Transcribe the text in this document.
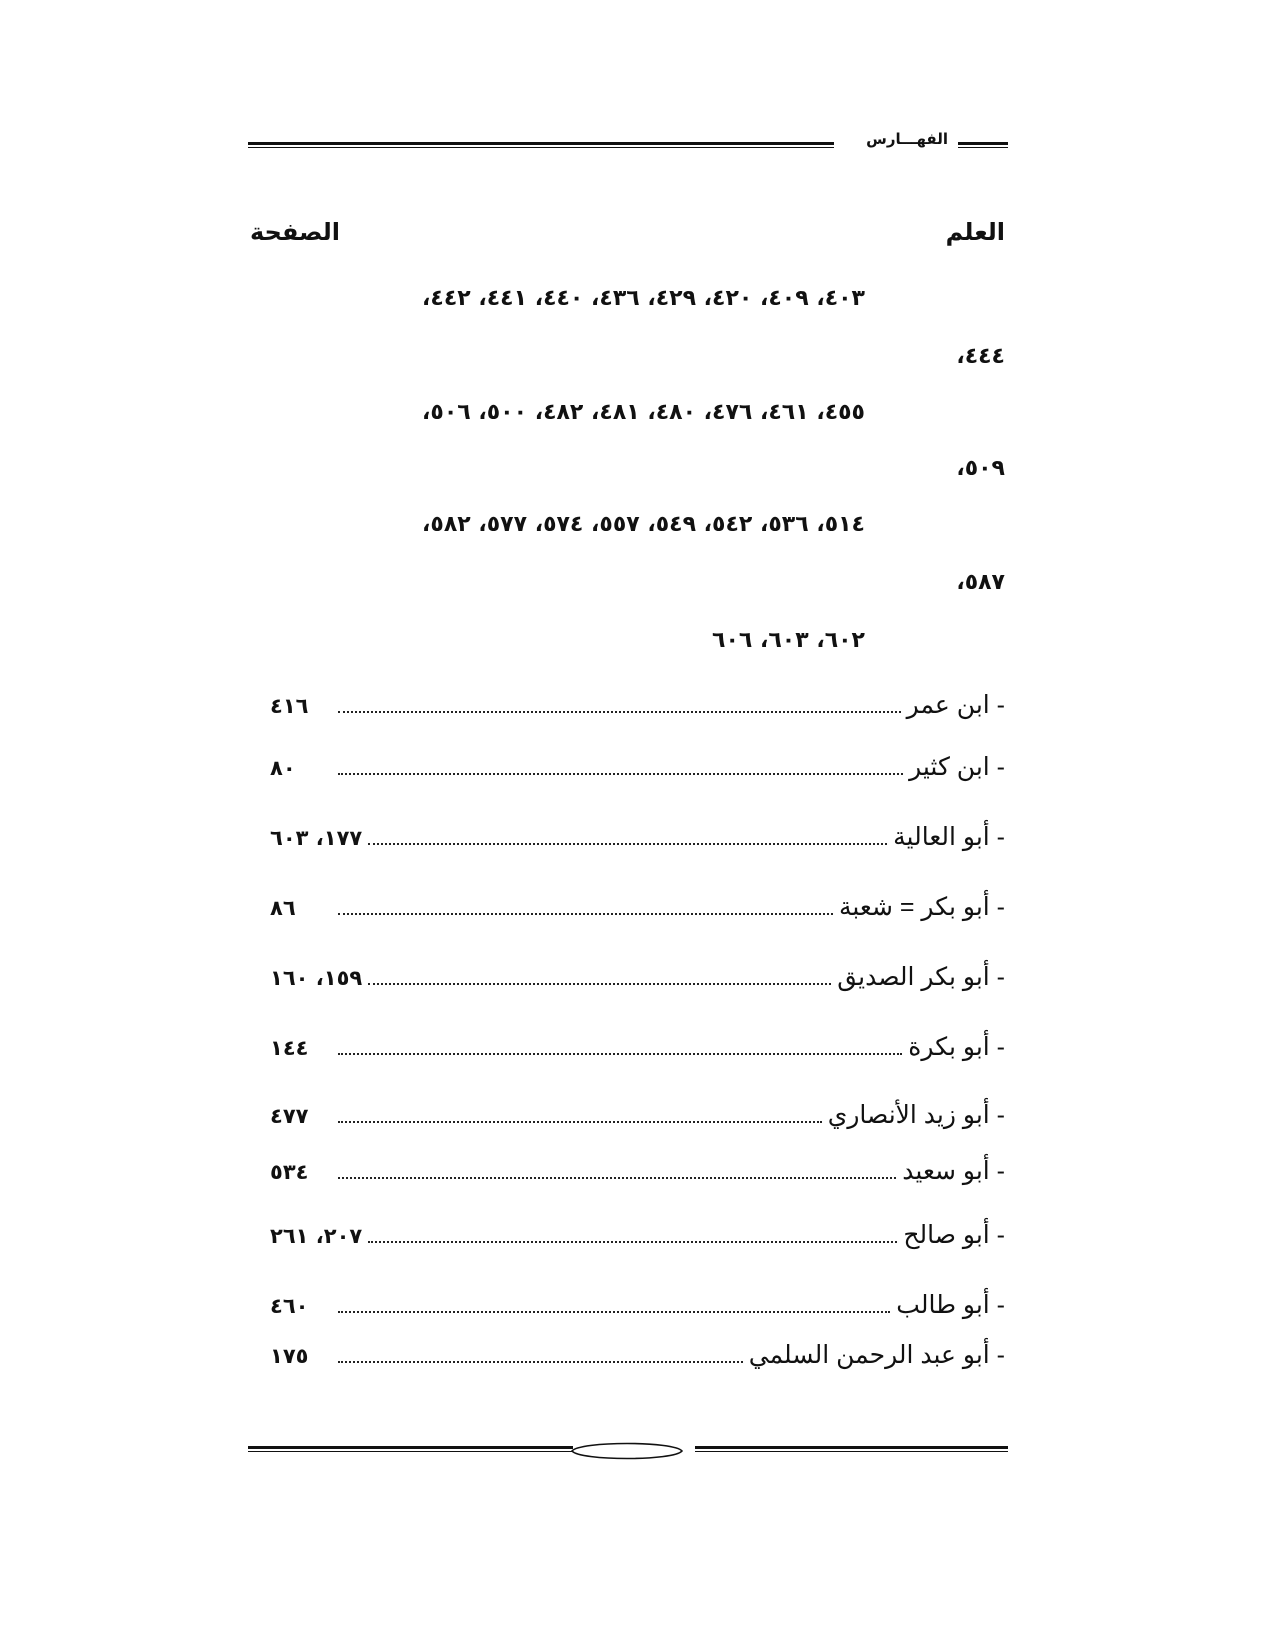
الفهـــارس
العلم
الصفحة
٤٠٣، ٤٠٩، ٤٢٠، ٤٢٩، ٤٣٦، ٤٤٠، ٤٤١، ٤٤٢،
٤٤٤،
٤٥٥، ٤٦١، ٤٧٦، ٤٨٠، ٤٨١، ٤٨٢، ٥٠٠، ٥٠٦،
٥٠٩،
٥١٤، ٥٣٦، ٥٤٢، ٥٤٩، ٥٥٧، ٥٧٤، ٥٧٧، ٥٨٢،
٥٨٧،
٦٠٢، ٦٠٣، ٦٠٦
- ابن عمر
٤١٦
- ابن كثير
٨٠
- أبو العالية
١٧٧، ٦٠٣
- أبو بكر = شعبة
٨٦
- أبو بكر الصديق
١٥٩، ١٦٠
- أبو بكرة
١٤٤
- أبو زيد الأنصاري
٤٧٧
- أبو سعيد
٥٣٤
- أبو صالح
٢٠٧، ٢٦١
- أبو طالب
٤٦٠
- أبو عبد الرحمن السلمي
١٧٥
